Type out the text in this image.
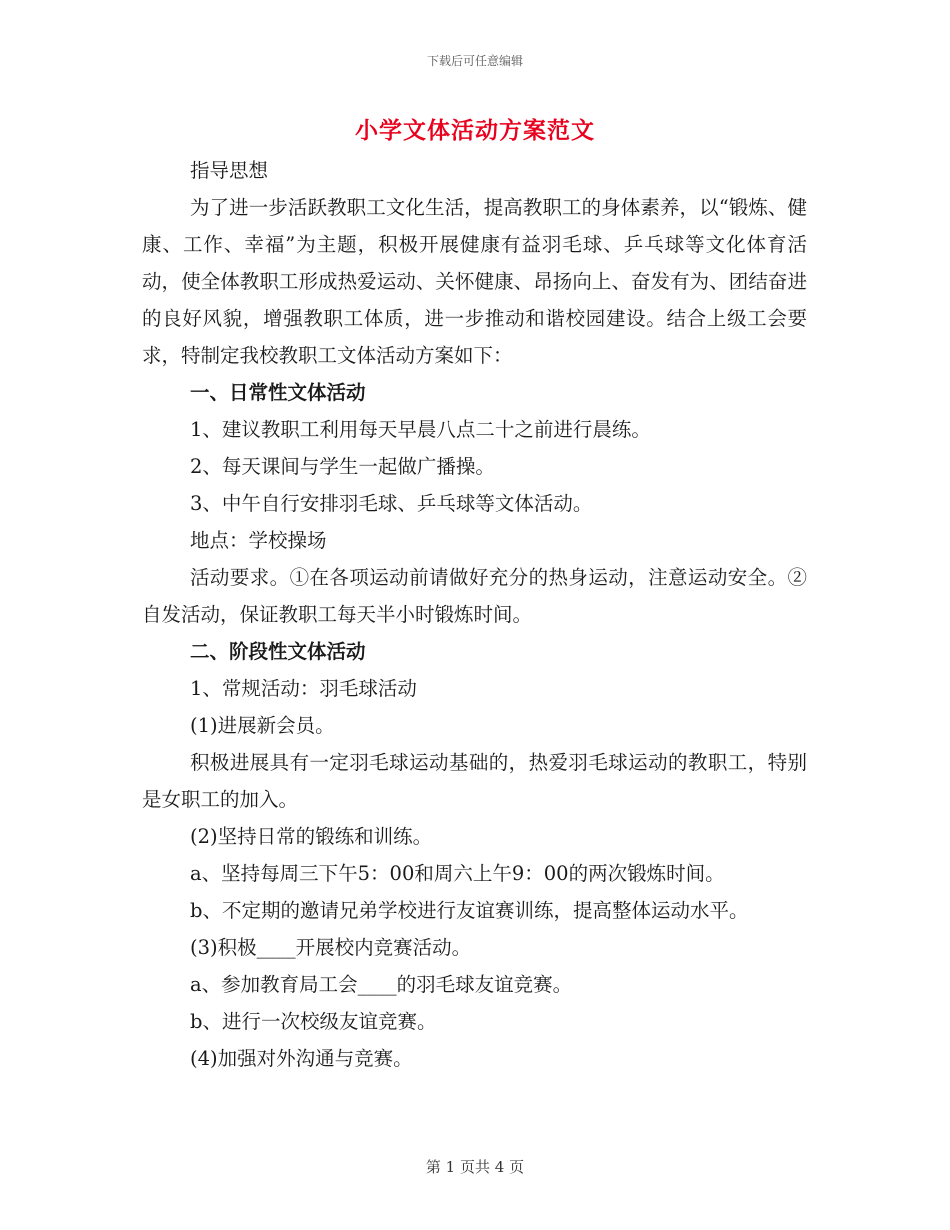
下载后可任意编辑
小学文体活动方案范文

指导思想

为了进一步活跃教职工文化生活，提高教职工的身体素养，以“锻炼、健康、工作、幸福”为主题，积极开展健康有益羽毛球、乒乓球等文化体育活动，使全体教职工形成热爱运动、关怀健康、昂扬向上、奋发有为、团结奋进的良好风貌，增强教职工体质，进一步推动和谐校园建设。结合上级工会要求，特制定我校教职工文体活动方案如下：

一、日常性文体活动

1、建议教职工利用每天早晨八点二十之前进行晨练。

2、每天课间与学生一起做广播操。

3、中午自行安排羽毛球、乒乓球等文体活动。

地点：学校操场

活动要求。①在各项运动前请做好充分的热身运动，注意运动安全。②自发活动，保证教职工每天半小时锻炼时间。

二、阶段性文体活动

1、常规活动：羽毛球活动

(1)进展新会员。

积极进展具有一定羽毛球运动基础的，热爱羽毛球运动的教职工，特别是女职工的加入。

(2)坚持日常的锻练和训练。

a、坚持每周三下午5：00和周六上午9：00的两次锻炼时间。

b、不定期的邀请兄弟学校进行友谊赛训练，提高整体运动水平。

(3)积极____开展校内竞赛活动。

a、参加教育局工会____的羽毛球友谊竞赛。

b、进行一次校级友谊竞赛。

(4)加强对外沟通与竞赛。

第 1 页共 4 页
